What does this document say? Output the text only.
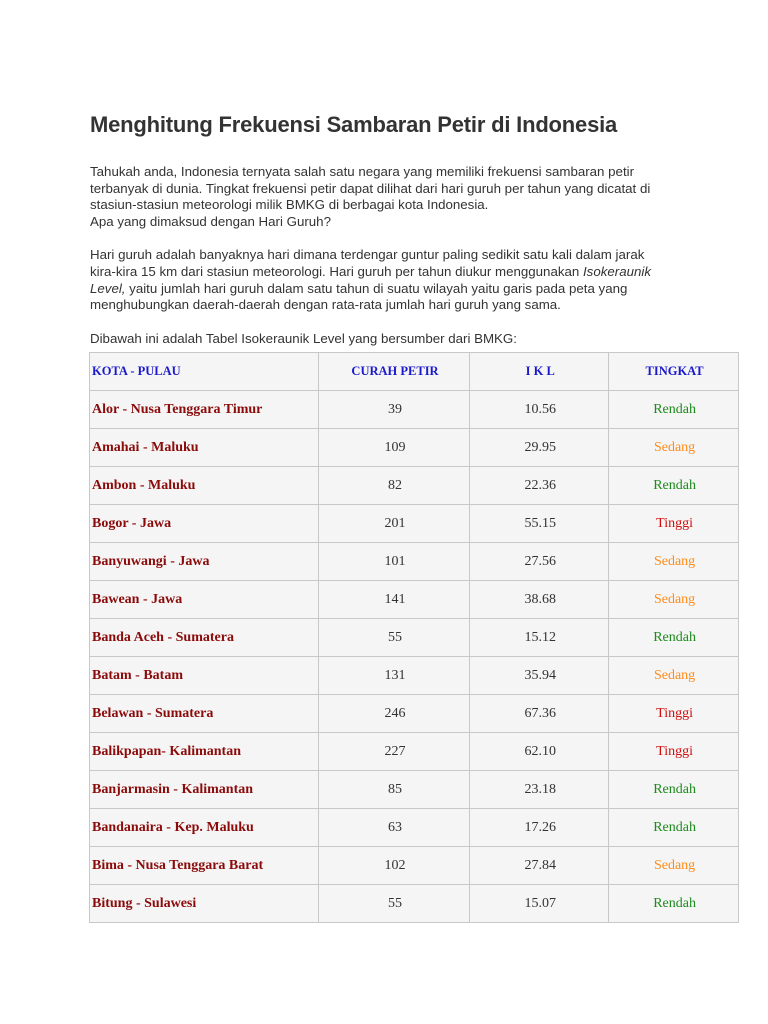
Menghitung Frekuensi Sambaran Petir di Indonesia

Tahukah anda, Indonesia ternyata salah satu negara yang memiliki frekuensi sambaran petir
terbanyak di dunia. Tingkat frekuensi petir dapat dilihat dari hari guruh per tahun yang dicatat di
stasiun-stasiun meteorologi milik BMKG di berbagai kota Indonesia.
Apa yang dimaksud dengan Hari Guruh?

Hari guruh adalah banyaknya hari dimana terdengar guntur paling sedikit satu kali dalam jarak
kira-kira 15 km dari stasiun meteorologi. Hari guruh per tahun diukur menggunakan Isokeraunik
Level, yaitu jumlah hari guruh dalam satu tahun di suatu wilayah yaitu garis pada peta yang
menghubungkan daerah-daerah dengan rata-rata jumlah hari guruh yang sama.

Dibawah ini adalah Tabel Isokeraunik Level yang bersumber dari BMKG:

KOTA - PULAU	CURAH PETIR	I K L	TINGKAT
Alor - Nusa Tenggara Timur	39	10.56	Rendah
Amahai - Maluku	109	29.95	Sedang
Ambon - Maluku	82	22.36	Rendah
Bogor - Jawa	201	55.15	Tinggi
Banyuwangi - Jawa	101	27.56	Sedang
Bawean - Jawa	141	38.68	Sedang
Banda Aceh - Sumatera	55	15.12	Rendah
Batam - Batam	131	35.94	Sedang
Belawan - Sumatera	246	67.36	Tinggi
Balikpapan- Kalimantan	227	62.10	Tinggi
Banjarmasin - Kalimantan	85	23.18	Rendah
Bandanaira - Kep. Maluku	63	17.26	Rendah
Bima - Nusa Tenggara Barat	102	27.84	Sedang
Bitung - Sulawesi	55	15.07	Rendah
